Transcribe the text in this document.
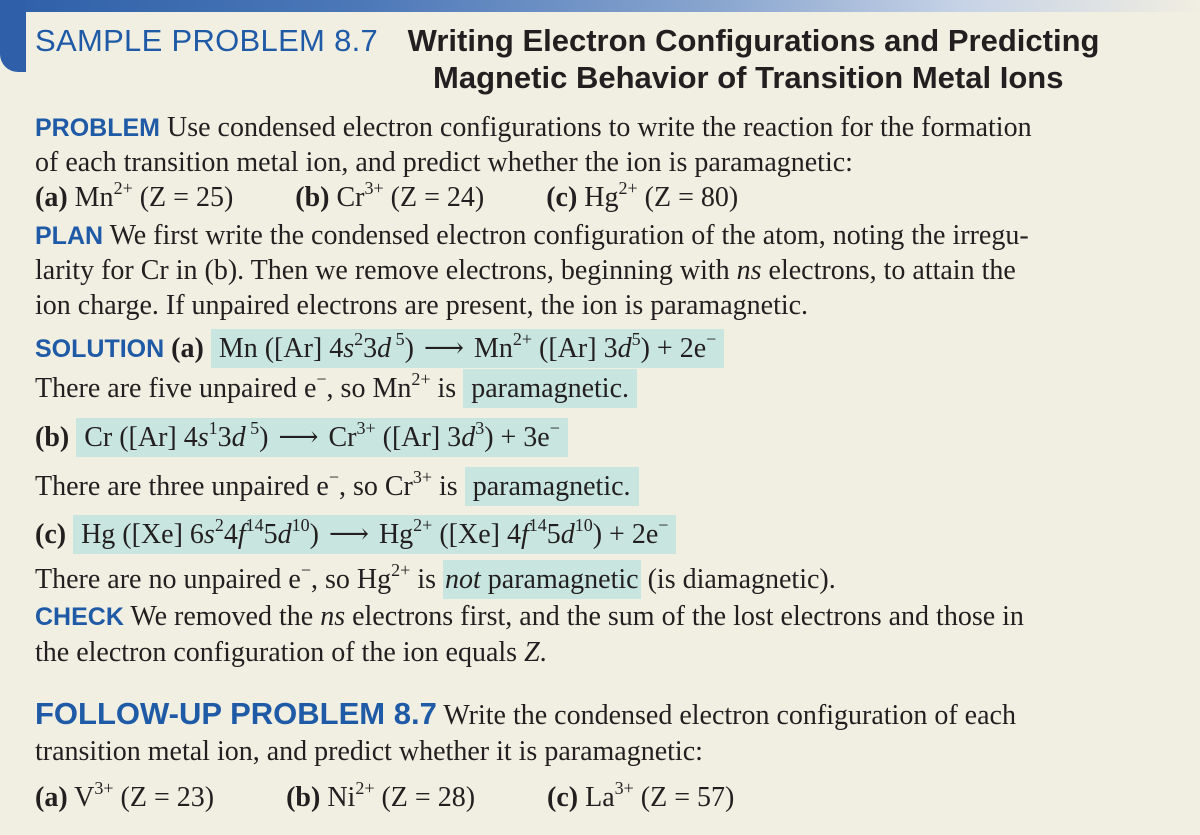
SAMPLE PROBLEM 8.7 Writing Electron Configurations and Predicting
Magnetic Behavior of Transition Metal Ions
PROBLEM Use condensed electron configurations to write the reaction for the formation
of each transition metal ion, and predict whether the ion is paramagnetic:
(a) $Mn^{2+}$ (Z = 25) (b) $Cr^{3+}$ (Z = 24) (c) $Hg^{2+}$ (Z = 80)
PLAN We first write the condensed electron configuration of the atom, noting the irregu-
larity for Cr in (b). Then we remove electrons, beginning with ns electrons, to attain the
ion charge. If unpaired electrons are present, the ion is paramagnetic.
SOLUTION (a) Mn ([Ar] $4s^23d$ $^5$) ⟶ $Mn^{2+}$ ([Ar] $3d^5) + 2e^-$
There are five unpaired e−, so $Mn^{2+}$ is paramagnetic.
(b) Cr ([Ar] $4s^13d$ $^5$) ⟶ $Cr^{3+}$ ([Ar] $3d^3) + 3e^-$
There are three unpaired e−, so $Cr^{3+}$ is paramagnetic.
(c) Hg ([Xe] $6s^24f^{14}5d^{10}$) ⟶ $Hg^{2+}$ ([Xe] $4f^{14}5d^{10}) + 2e^-$
There are no unpaired e−, so $Hg^{2+}$ is not paramagnetic (is diamagnetic).
CHECK We removed the ns electrons first, and the sum of the lost electrons and those in
the electron configuration of the ion equals Z.
FOLLOW-UP PROBLEM 8.7 Write the condensed electron configuration of each
transition metal ion, and predict whether it is paramagnetic:
(a) $V^{3+}$ (Z = 23)	(b) $Ni^{2+}$ (Z = 28)	(c) $La^{3+}$ (Z = 57)
